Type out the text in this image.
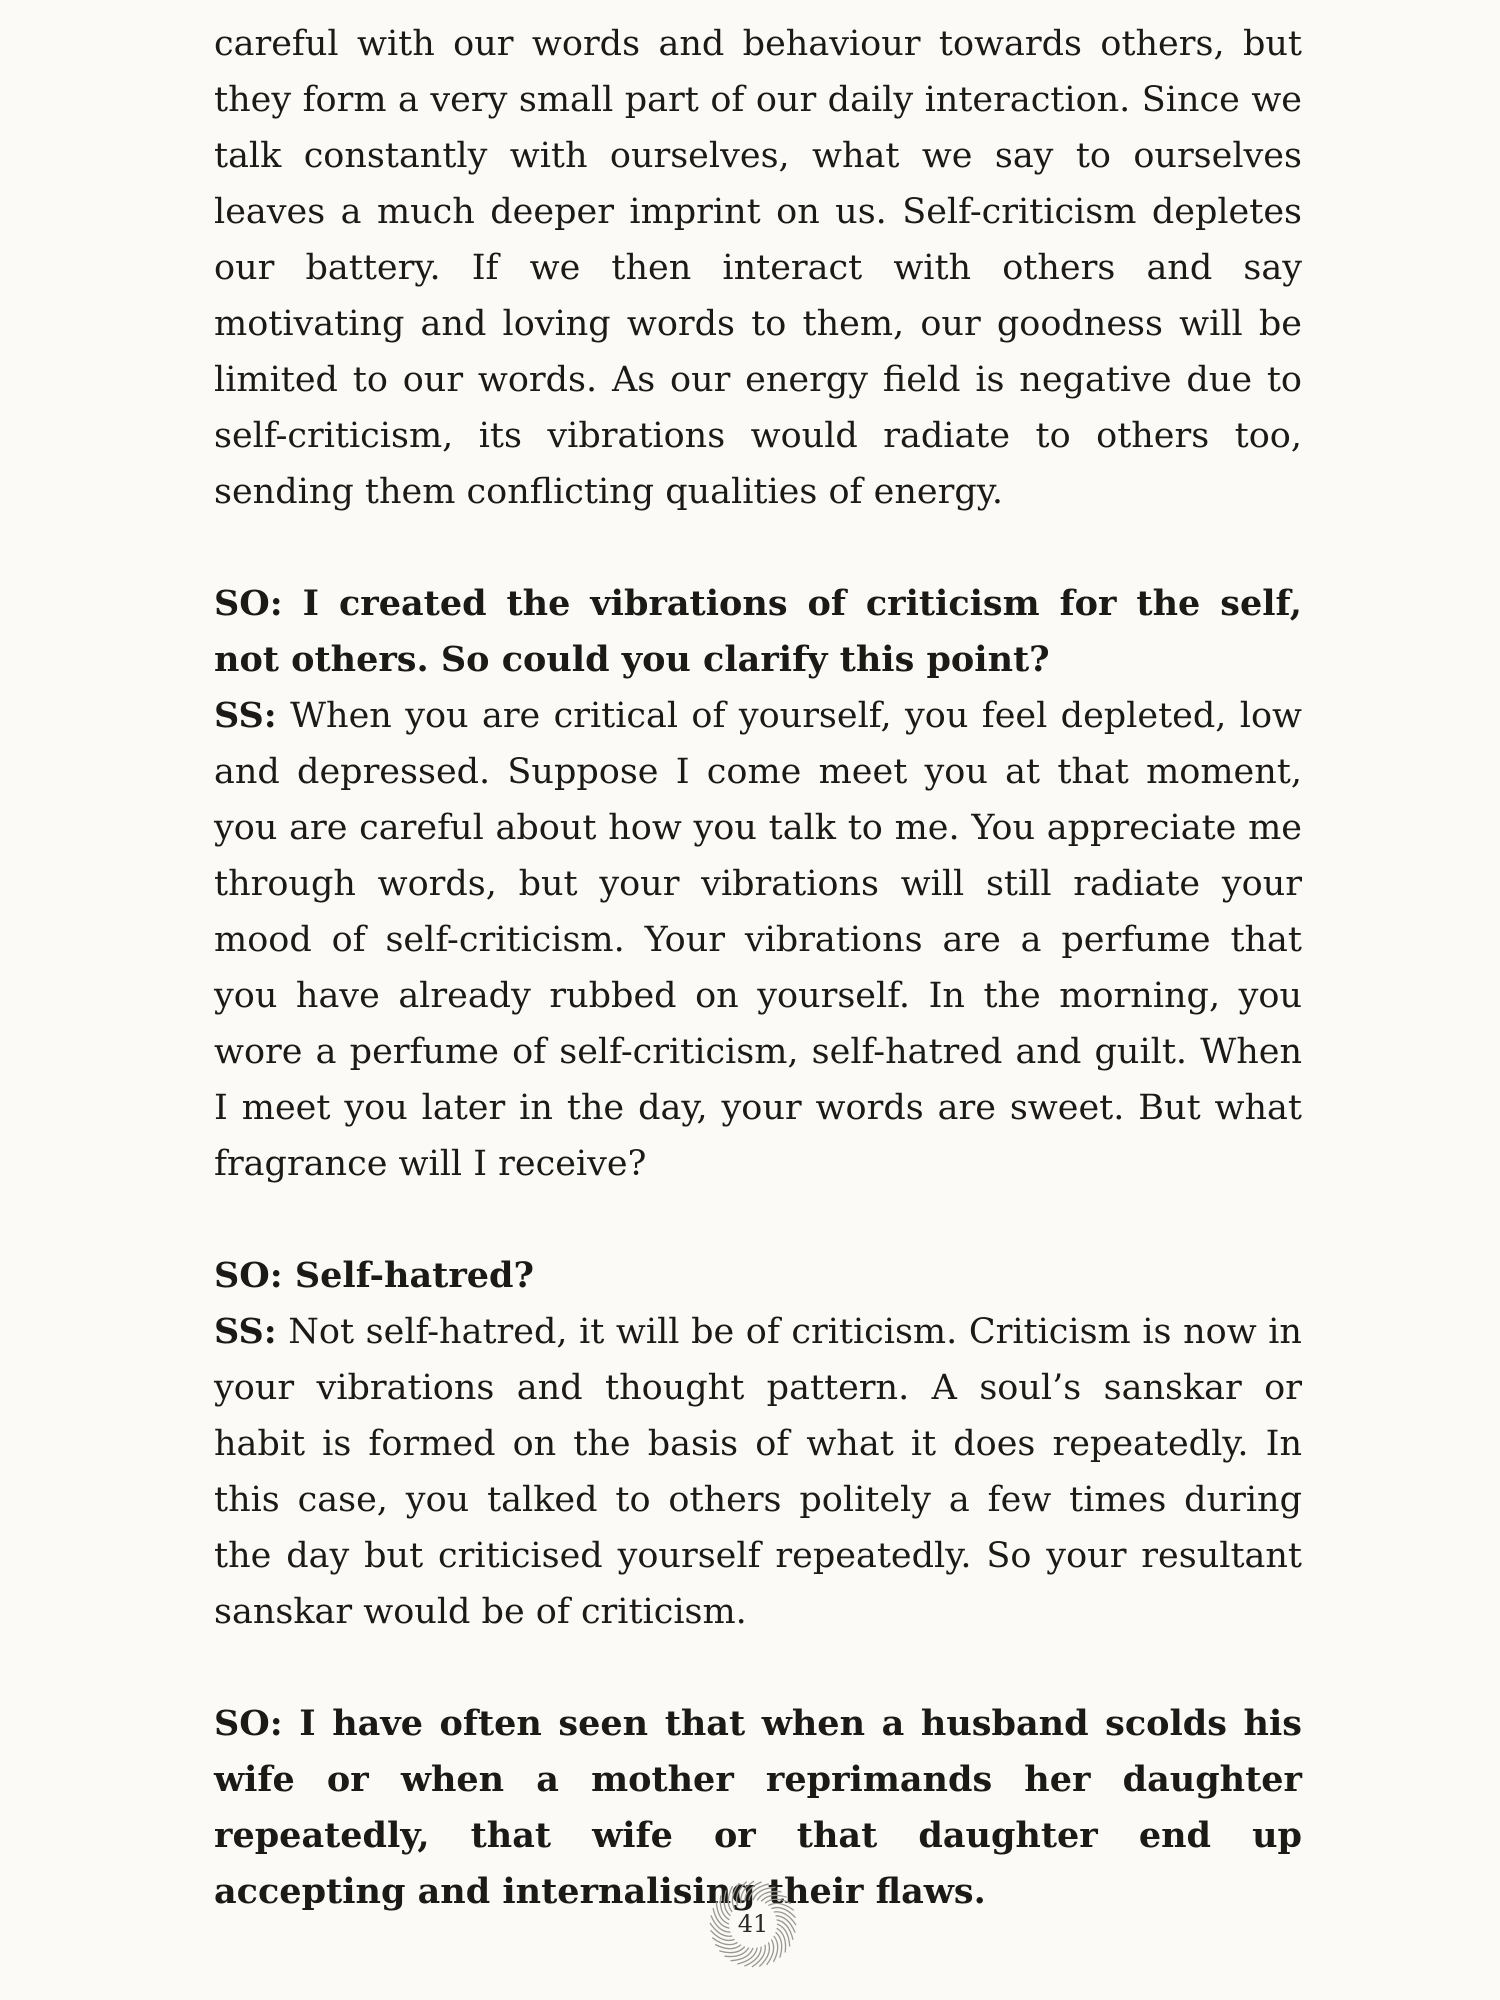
careful with our words and behaviour towards others, but they form a very small part of our daily interaction. Since we talk constantly with ourselves, what we say to ourselves leaves a much deeper imprint on us. Self-criticism depletes our battery. If we then interact with others and say motivating and loving words to them, our goodness will be limited to our words. As our energy field is negative due to self-criticism, its vibrations would radiate to others too, sending them conflicting qualities of energy.

SO: I created the vibrations of criticism for the self, not others. So could you clarify this point?

SS: When you are critical of yourself, you feel depleted, low and depressed. Suppose I come meet you at that moment, you are careful about how you talk to me. You appreciate me through words, but your vibrations will still radiate your mood of self-criticism. Your vibrations are a perfume that you have already rubbed on yourself. In the morning, you wore a perfume of self-criticism, self-hatred and guilt. When I meet you later in the day, your words are sweet. But what fragrance will I receive?

SO: Self-hatred?

SS: Not self-hatred, it will be of criticism. Criticism is now in your vibrations and thought pattern. A soul’s sanskar or habit is formed on the basis of what it does repeatedly. In this case, you talked to others politely a few times during the day but criticised yourself repeatedly. So your resultant sanskar would be of criticism.

SO: I have often seen that when a husband scolds his wife or when a mother reprimands her daughter repeatedly, that wife or that daughter end up accepting and internalising their flaws.

41
